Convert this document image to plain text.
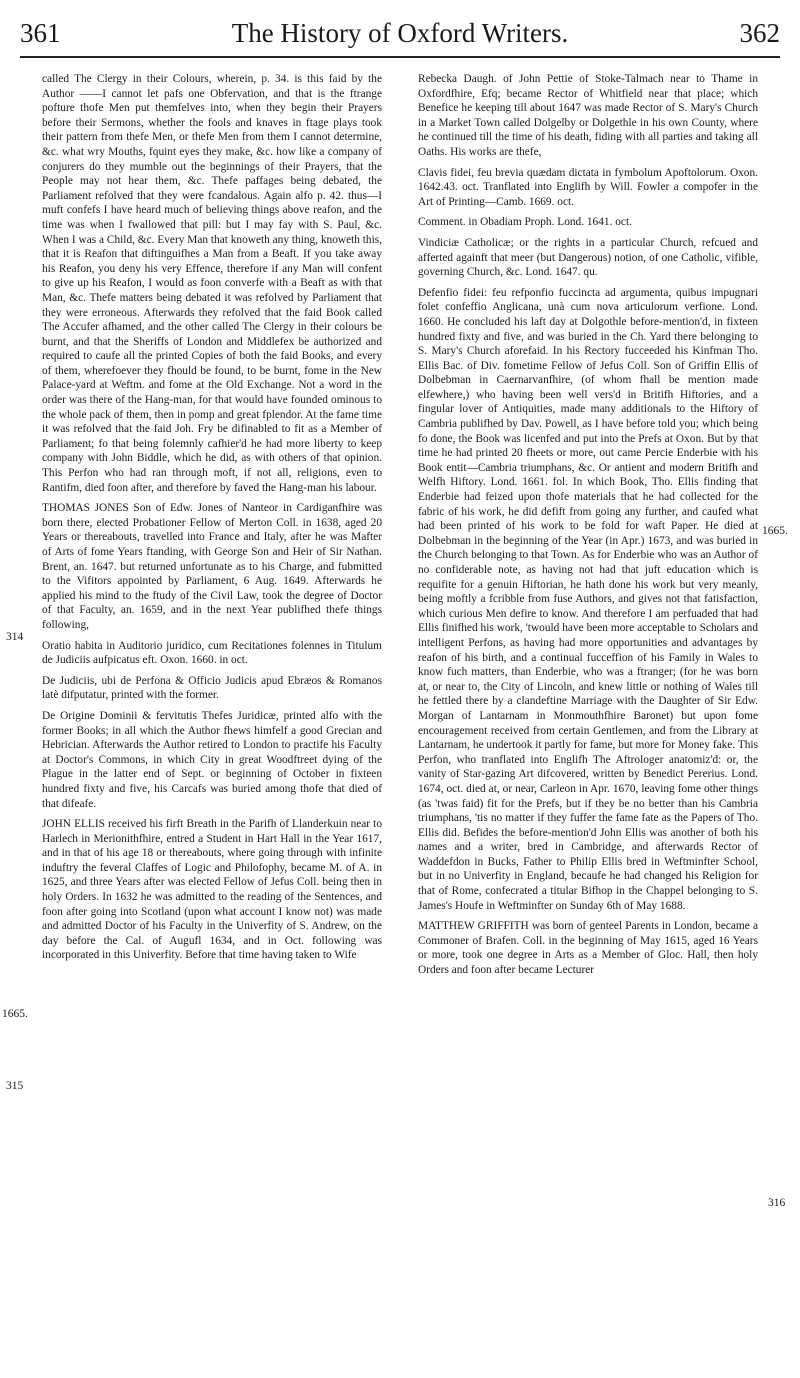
361	The History of Oxford Writers.	362
314
1665.
315
1665.
316

called The Clergy in their Colours, wherein, p. 34. is this faid by the Author ——I cannot let pafs one Obfervation, and that is the ftrange pofture thofe Men put themfelves into, when they begin their Prayers before their Sermons, whether the fools and knaves in ftage plays took their pattern from thefe Men, or thefe Men from them I cannot determine, &c. what wry Mouths, fquint eyes they make, &c. how like a company of conjurers do they mumble out the beginnings of their Prayers, that the People may not hear them, &c. Thefe paffages being debated, the Parliament refolved that they were fcandalous. Again alfo p. 42. thus—I muft confefs I have heard much of believing things above reafon, and the time was when I fwallowed that pill: but I may fay with S. Paul, &c. When I was a Child, &c. Every Man that knoweth any thing, knoweth this, that it is Reafon that diftinguifhes a Man from a Beaft. If you take away his Reafon, you deny his very Effence, therefore if any Man will confent to give up his Reafon, I would as foon converfe with a Beaft as with that Man, &c. Thefe matters being debated it was refolved by Parliament that they were erroneous. Afterwards they refolved that the faid Book called The Accufer afhamed, and the other called The Clergy in their colours be burnt, and that the Sheriffs of London and Middlefex be authorized and required to caufe all the printed Copies of both the faid Books, and every of them, wherefoever they fhould be found, to be burnt, fome in the New Palace-yard at Weftm. and fome at the Old Exchange. Not a word in the order was there of the Hang-man, for that would have founded ominous to the whole pack of them, then in pomp and great fplendor. At the fame time it was refolved that the faid Joh. Fry be difinabled to fit as a Member of Parliament; fo that being folemnly cafhier'd he had more liberty to keep company with John Biddle, which he did, as with others of that opinion. This Perfon who had ran through moft, if not all, religions, even to Rantifm, died foon after, and therefore by faved the Hang-man his labour.

THOMAS JONES Son of Edw. Jones of Nanteor in Cardiganfhire was born there, elected Probationer Fellow of Merton Coll. in 1638, aged 20 Years or thereabouts, travelled into France and Italy, after he was Mafter of Arts of fome Years ftanding, with George Son and Heir of Sir Nathan. Brent, an. 1647. but returned unfortunate as to his Charge, and fubmitted to the Vifitors appointed by Parliament, 6 Aug. 1649. Afterwards he applied his mind to the ftudy of the Civil Law, took the degree of Doctor of that Faculty, an. 1659, and in the next Year publifhed thefe things following,

Oratio habita in Auditorio juridico, cum Recitationes folennes in Titulum de Judiciis aufpicatus eft. Oxon. 1660. in oct.

De Judiciis, ubi de Perfona & Officio Judicis apud Ebræos & Romanos latè difputatur, printed with the former.

De Origine Dominii & fervitutis Thefes Juridicæ, printed alfo with the former Books; in all which the Author fhews himfelf a good Grecian and Hebrician. Afterwards the Author retired to London to practife his Faculty at Doctor's Commons, in which City in great Woodftreet dying of the Plague in the latter end of Sept. or beginning of October in fixteen hundred fixty and five, his Carcafs was buried among thofe that died of that difeafe.

JOHN ELLIS received his firft Breath in the Parifh of Llanderkuin near to Harlech in Merionithfhire, entred a Student in Hart Hall in the Year 1617, and in that of his age 18 or thereabouts, where going through with infinite induftry the feveral Claffes of Logic and Philofophy, became M. of A. in 1625, and three Years after was elected Fellow of Jefus Coll. being then in holy Orders. In 1632 he was admitted to the reading of the Sentences, and foon after going into Scotland (upon what account I know not) was made and admitted Doctor of his Faculty in the Univerfity of S. Andrew, on the day before the Cal. of Augufl 1634, and in Oct. following was incorporated in this Univerfity. Before that time having taken to Wife

Rebecka Daugh. of John Pettie of Stoke-Talmach near to Thame in Oxfordfhire, Efq; became Rector of Whitfield near that place; which Benefice he keeping till about 1647 was made Rector of S. Mary's Church in a Market Town called Dolgelby or Dolgethle in his own County, where he continued till the time of his death, fiding with all parties and taking all Oaths. His works are thefe,

Clavis fidei, feu brevia quædam dictata in fymbolum Apoftolorum. Oxon. 1642.43. oct. Tranflated into Englifh by Will. Fowler a compofer in the Art of Printing—Camb. 1669. oct.

Comment. in Obadiam Proph. Lond. 1641. oct.

Vindiciæ Catholicæ; or the rights in a particular Church, refcued and afferted againft that meer (but Dangerous) notion, of one Catholic, vifible, governing Church, &c. Lond. 1647. qu.

Defenfio fidei: feu refponfio fuccincta ad argumenta, quibus impugnari folet confeffio Anglicana, unà cum nova articulorum verfione. Lond. 1660. He concluded his laft day at Dolgothle before-mention'd, in fixteen hundred fixty and five, and was buried in the Ch. Yard there belonging to S. Mary's Church aforefaid. In his Rectory fucceeded his Kinfman Tho. Ellis Bac. of Div. fometime Fellow of Jefus Coll. Son of Griffin Ellis of Dolbebman in Caernarvanfhire, (of whom fhall be mention made elfewhere,) who having been well vers'd in Britifh Hiftories, and a fingular lover of Antiquities, made many additionals to the Hiftory of Cambria publifhed by Dav. Powell, as I have before told you; which being fo done, the Book was licenfed and put into the Prefs at Oxon. But by that time he had printed 20 fheets or more, out came Percie Enderbie with his Book entit—Cambria triumphans, &c. Or antient and modern Britifh and Welfh Hiftory. Lond. 1661. fol. In which Book, Tho. Ellis finding that Enderbie had feized upon thofe materials that he had collected for the fabric of his work, he did defift from going any further, and caufed what had been printed of his work to be fold for waft Paper. He died at Dolbebman in the beginning of the Year (in Apr.) 1673, and was buried in the Church belonging to that Town. As for Enderbie who was an Author of no confiderable note, as having not had that juft education which is requifite for a genuin Hiftorian, he hath done his work but very meanly, being moftly a fcribble from fuse Authors, and gives not that fatisfaction, which curious Men defire to know. And therefore I am perfuaded that had Ellis finifhed his work, 'twould have been more acceptable to Scholars and intelligent Perfons, as having had more opportunities and advantages by reafon of his birth, and a continual fucceffion of his Family in Wales to know fuch matters, than Enderbie, who was a ftranger; (for he was born at, or near to, the City of Lincoln, and knew little or nothing of Wales till he fettled there by a clandeftine Marriage with the Daughter of Sir Edw. Morgan of Lantarnam in Monmouthfhire Baronet) but upon fome encouragement received from certain Gentlemen, and from the Library at Lantarnam, he undertook it partly for fame, but more for Money fake. This Perfon, who tranflated into Englifh The Aftrologer anatomiz'd: or, the vanity of Star-gazing Art difcovered, written by Benedict Pererius. Lond. 1674, oct. died at, or near, Carleon in Apr. 1670, leaving fome other things (as 'twas faid) fit for the Prefs, but if they be no better than his Cambria triumphans, 'tis no matter if they fuffer the fame fate as the Papers of Tho. Ellis did. Befides the before-mention'd John Ellis was another of both his names and a writer, bred in Cambridge, and afterwards Rector of Waddefdon in Bucks, Father to Philip Ellis bred in Weftminfter School, but in no Univerfity in England, becaufe he had changed his Religion for that of Rome, confecrated a titular Bifhop in the Chappel belonging to S. James's Houfe in Weftminfter on Sunday 6th of May 1688.

MATTHEW GRIFFITH was born of genteel Parents in London, became a Commoner of Brafen. Coll. in the beginning of May 1615, aged 16 Years or more, took one degree in Arts as a Member of Gloc. Hall, then holy Orders and foon after became Lecturer
